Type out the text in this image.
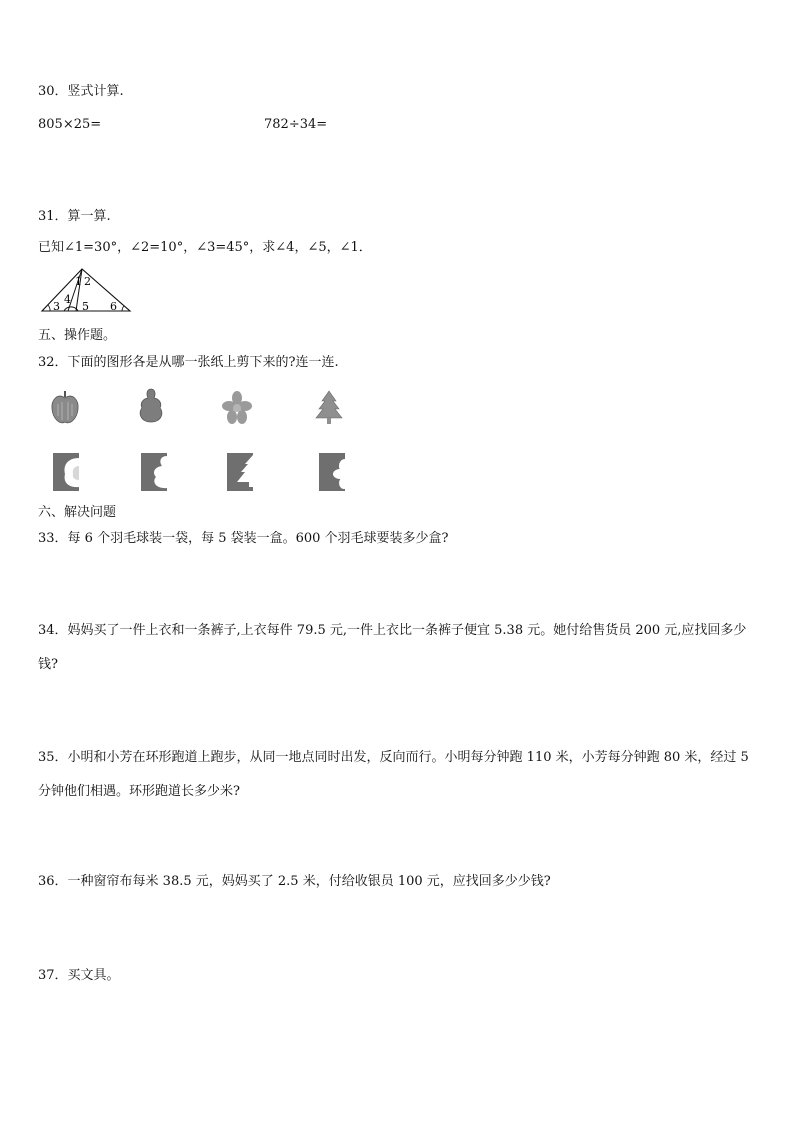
30．竖式计算.
805×25=	782÷34=
31．算一算.
已知∠1=30°，∠2=10°，∠3=45°，求∠4，∠5，∠1．
1 2
3
4
5 6
五、操作题。
32．下面的图形各是从哪一张纸上剪下来的?连一连.
六、解决问题
33．每 6 个羽毛球装一袋，每 5 袋装一盒。600 个羽毛球要装多少盒?
34．妈妈买了一件上衣和一条裤子,上衣每件 79.5 元,一件上衣比一条裤子便宜 5.38 元。她付给售货员 200 元,应找回多少钱?
35．小明和小芳在环形跑道上跑步，从同一地点同时出发，反向而行。小明每分钟跑 110 米，小芳每分钟跑 80 米，经过 5 分钟他们相遇。环形跑道长多少米?
36．一种窗帘布每米 38.5 元，妈妈买了 2.5 米，付给收银员 100 元，应找回多少少钱?
37．买文具。
